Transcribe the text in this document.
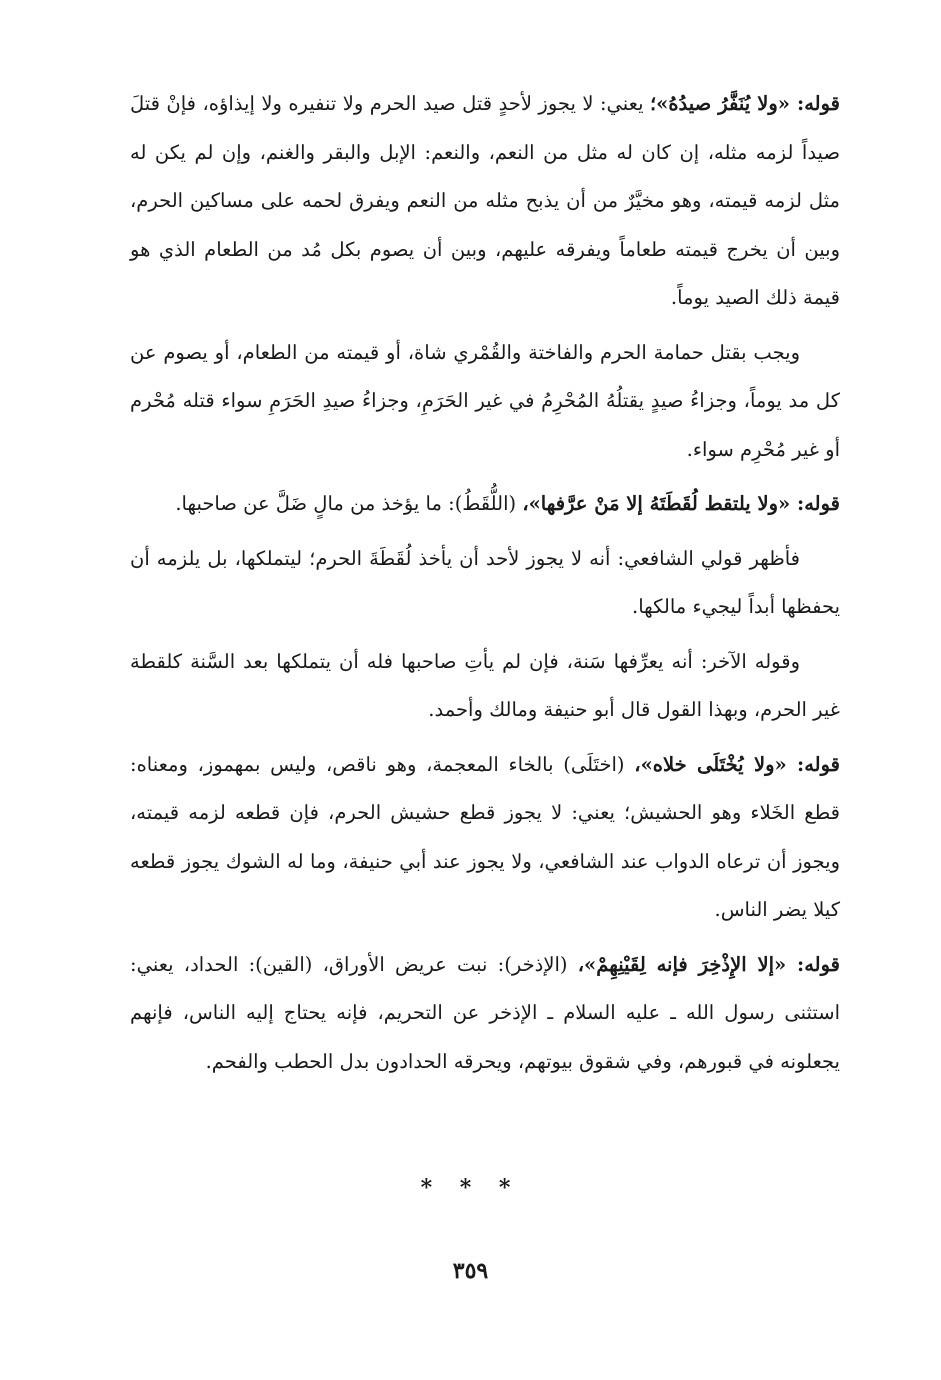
قوله: «ولا يُنَفَّرُ صيدُهُ»؛ يعني: لا يجوز لأحدٍ قتل صيد الحرم ولا تنفيره ولا إيذاؤه، فإنْ قتلَ صيداً لزمه مثله، إن كان له مثل من النعم، والنعم: الإبل والبقر والغنم، وإن لم يكن له مثل لزمه قيمته، وهو مخيَّرٌ من أن يذبح مثله من النعم ويفرق لحمه على مساكين الحرم، وبين أن يخرج قيمته طعاماً ويفرقه عليهم، وبين أن يصوم بكل مُد من الطعام الذي هو قيمة ذلك الصيد يوماً.

ويجب بقتل حمامة الحرم والفاختة والقُمْري شاة، أو قيمته من الطعام، أو يصوم عن كل مد يوماً، وجزاءُ صيدٍ يقتلُهُ المُحْرِمُ في غير الحَرَمِ، وجزاءُ صيدِ الحَرَمِ سواء قتله مُحْرم أو غير مُحْرِم سواء.

قوله: «ولا يلتقط لُقَطَتَهُ إلا مَنْ عرَّفها»، (اللُّقَطُ): ما يؤخذ من مالٍ ضَلَّ عن صاحبها.

فأظهر قولي الشافعي: أنه لا يجوز لأحد أن يأخذ لُقَطَةَ الحرم؛ ليتملكها، بل يلزمه أن يحفظها أبداً ليجيء مالكها.

وقوله الآخر: أنه يعرِّفها سَنة، فإن لم يأتِ صاحبها فله أن يتملكها بعد السَّنة كلقطة غير الحرم، وبهذا القول قال أبو حنيفة ومالك وأحمد.

قوله: «ولا يُخْتَلَى خلاه»، (اختَلَى) بالخاء المعجمة، وهو ناقص، وليس بمهموز، ومعناه: قطع الخَلاء وهو الحشيش؛ يعني: لا يجوز قطع حشيش الحرم، فإن قطعه لزمه قيمته، ويجوز أن ترعاه الدواب عند الشافعي، ولا يجوز عند أبي حنيفة، وما له الشوك يجوز قطعه كيلا يضر الناس.

قوله: «إلا الإِذْخِرَ فإنه لِقَيْنِهِمْ»، (الإذخر): نبت عريض الأوراق، (القين): الحداد، يعني: استثنى رسول الله ـ عليه السلام ـ الإذخر عن التحريم، فإنه يحتاج إليه الناس، فإنهم يجعلونه في قبورهم، وفي شقوق بيوتهم، ويحرقه الحدادون بدل الحطب والفحم.

* * *
٣٥٩
